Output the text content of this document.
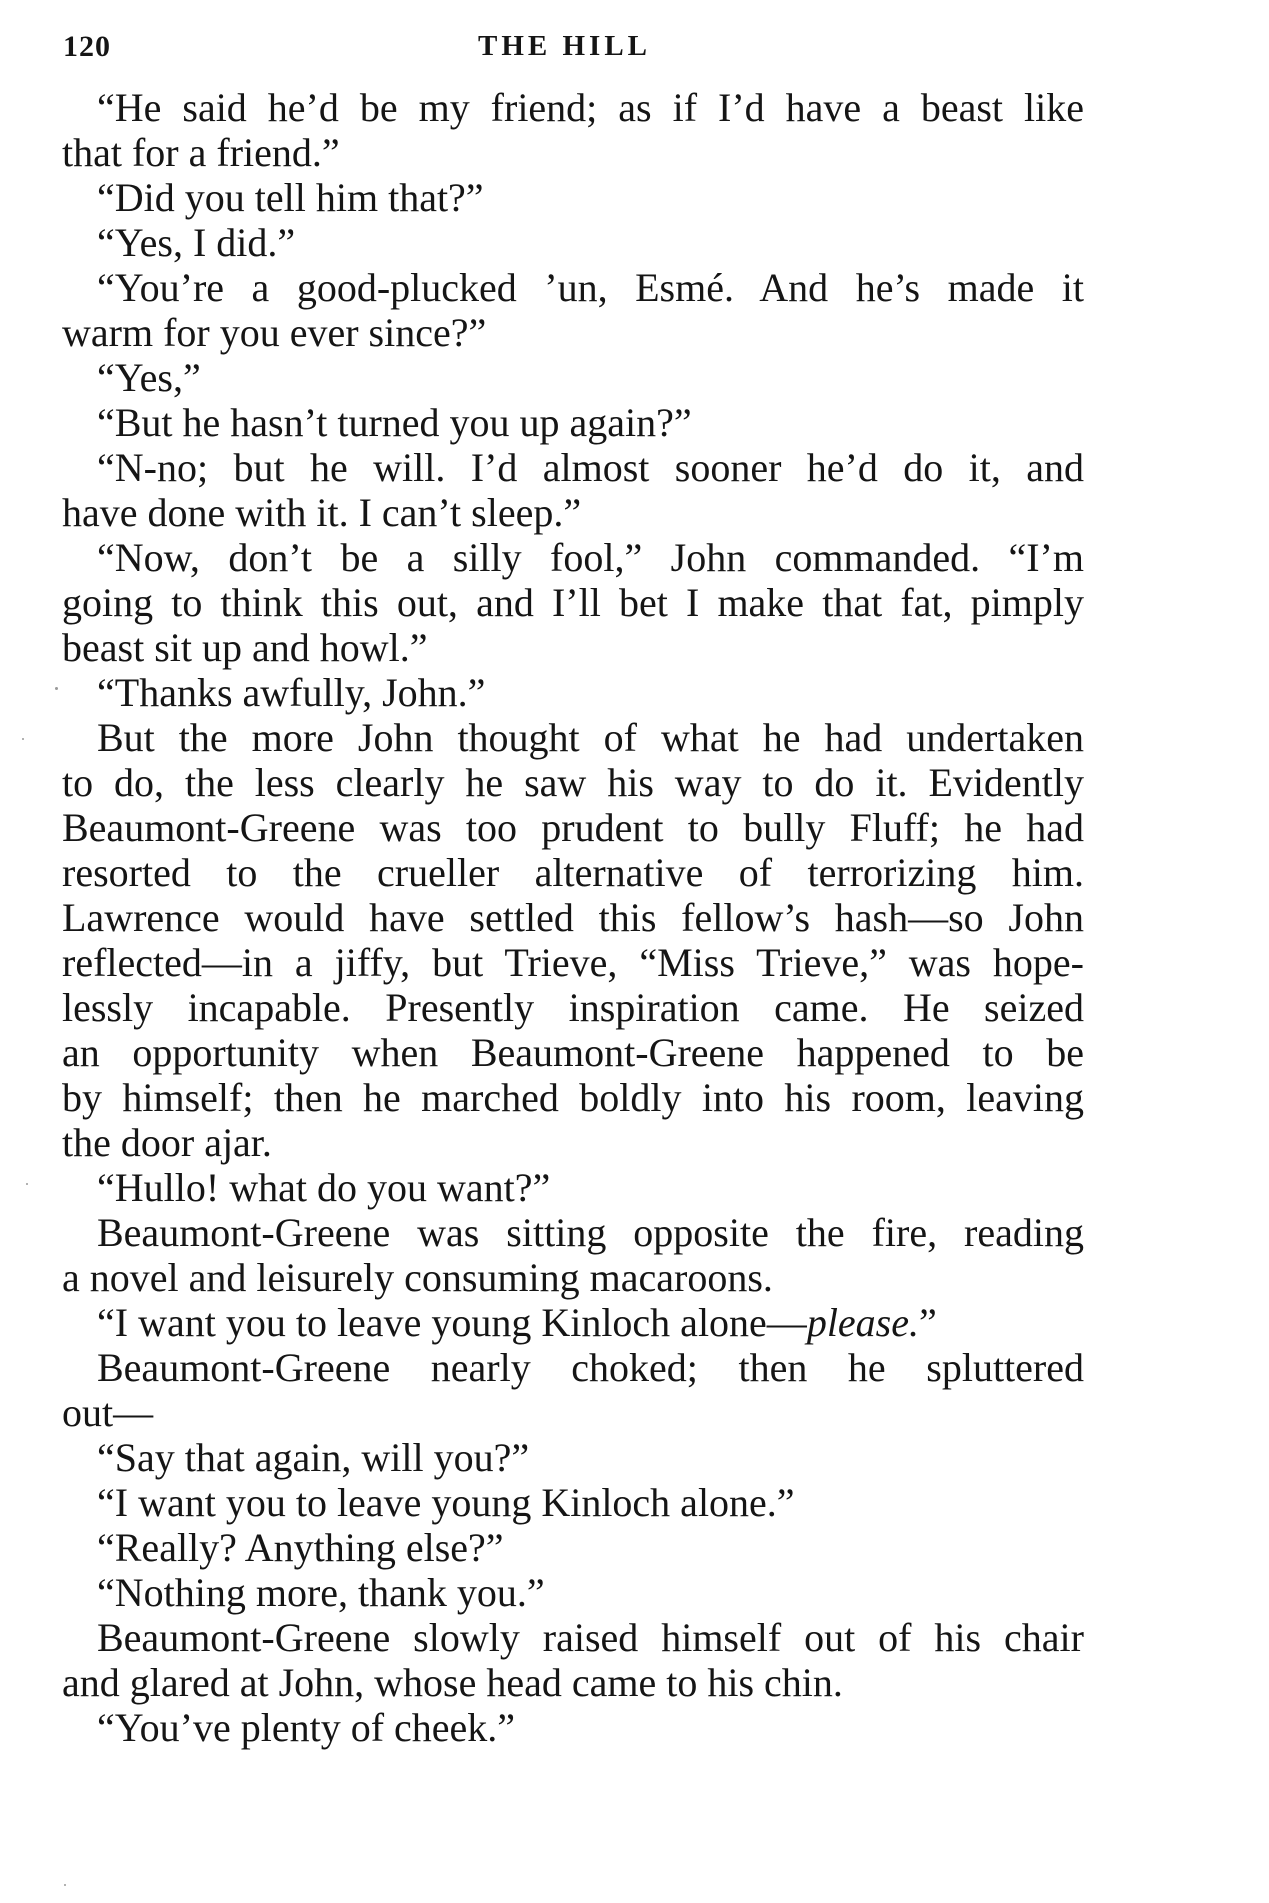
120	THE HILL
“He said he’d be my friend; as if I’d have a beast like
that for a friend.”
“Did you tell him that?”
“Yes, I did.”
“You’re a good-plucked ’un, Esmé. And he’s made it
warm for you ever since?”
“Yes,”
“But he hasn’t turned you up again?”
“N-no; but he will. I’d almost sooner he’d do it, and
have done with it. I can’t sleep.”
“Now, don’t be a silly fool,” John commanded. “I’m
going to think this out, and I’ll bet I make that fat, pimply
beast sit up and howl.”
“Thanks awfully, John.”
But the more John thought of what he had undertaken
to do, the less clearly he saw his way to do it. Evidently
Beaumont-Greene was too prudent to bully Fluff; he had
resorted to the crueller alternative of terrorizing him.
Lawrence would have settled this fellow’s hash—so John
reflected—in a jiffy, but Trieve, “Miss Trieve,” was hope-
lessly incapable. Presently inspiration came. He seized
an opportunity when Beaumont-Greene happened to be
by himself; then he marched boldly into his room, leaving
the door ajar.
“Hullo! what do you want?”
Beaumont-Greene was sitting opposite the fire, reading
a novel and leisurely consuming macaroons.
“I want you to leave young Kinloch alone—please.”
Beaumont-Greene nearly choked; then he spluttered
out—
“Say that again, will you?”
“I want you to leave young Kinloch alone.”
“Really? Anything else?”
“Nothing more, thank you.”
Beaumont-Greene slowly raised himself out of his chair
and glared at John, whose head came to his chin.
“You’ve plenty of cheek.”
